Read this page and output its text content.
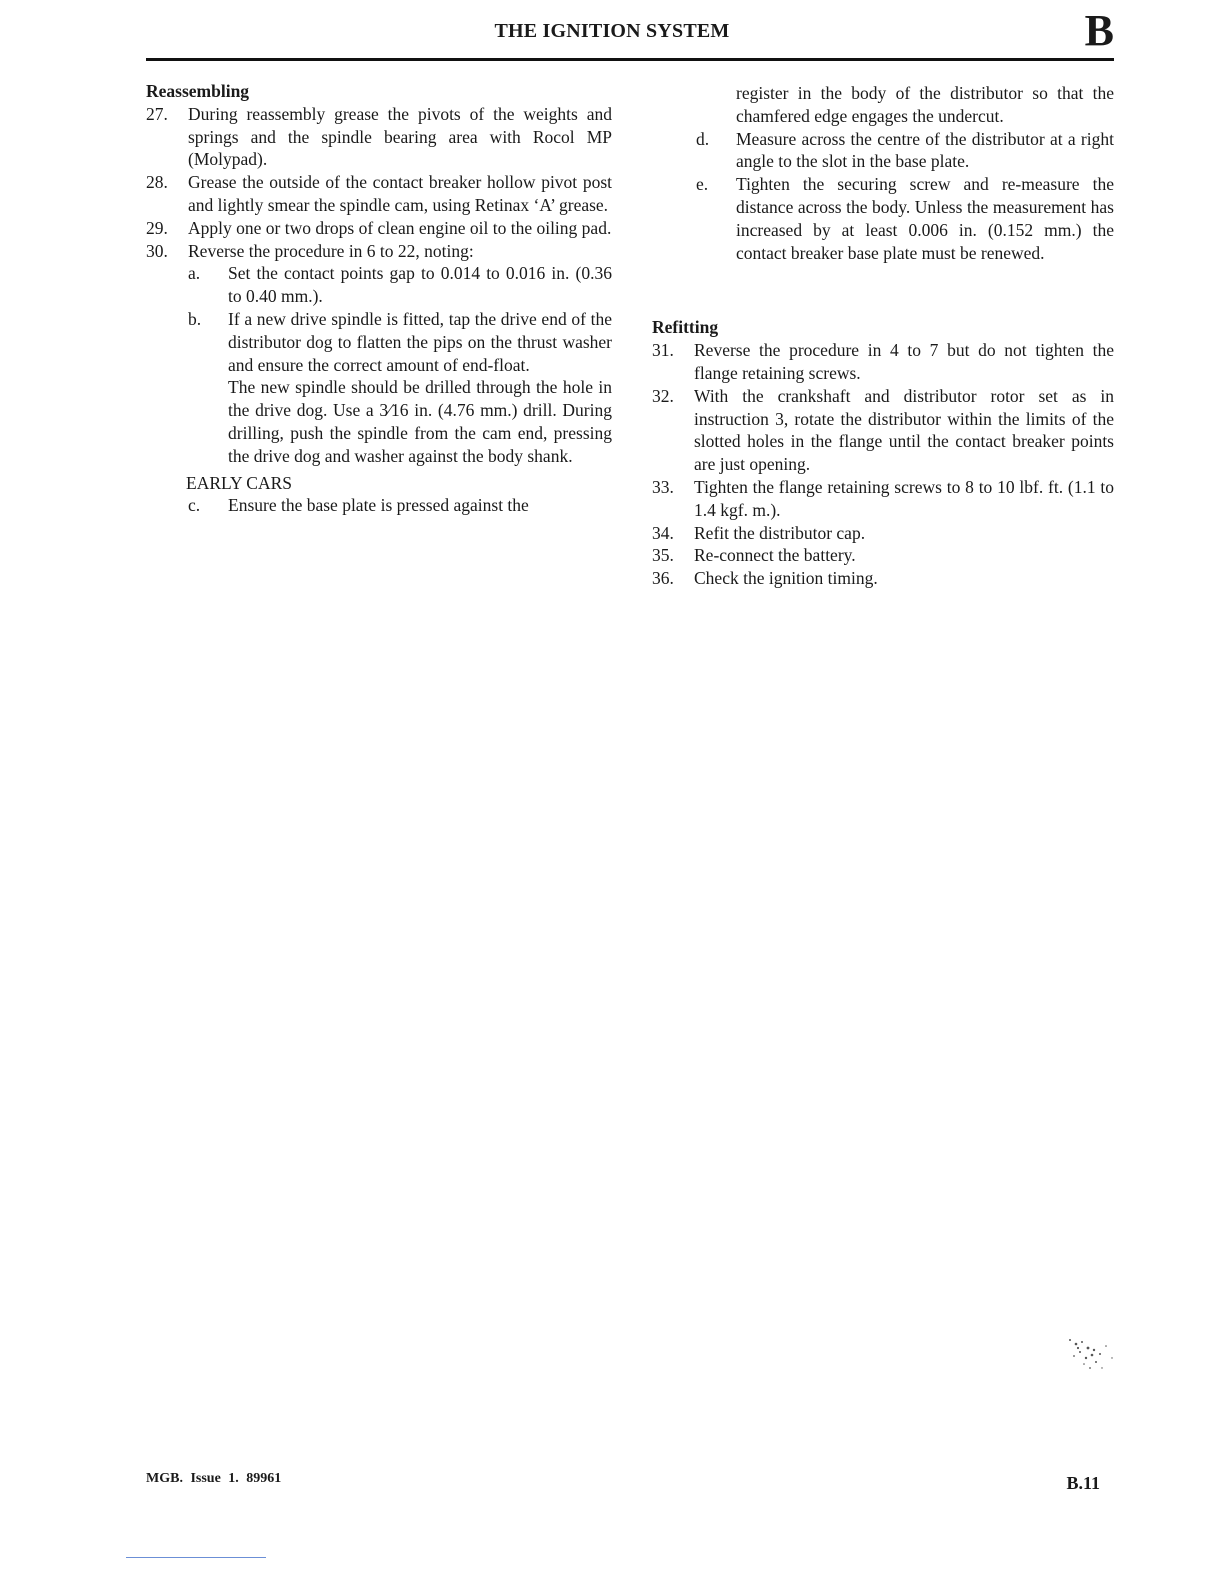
THE IGNITION SYSTEM	B
Reassembling
27. During reassembly grease the pivots of the weights and springs and the spindle bearing area with Rocol MP (Molypad).
28. Grease the outside of the contact breaker hollow pivot post and lightly smear the spindle cam, using Retinax ‘A’ grease.
29. Apply one or two drops of clean engine oil to the oiling pad.
30. Reverse the procedure in 6 to 22, noting:
a. Set the contact points gap to 0.014 to 0.016 in. (0.36 to 0.40 mm.).
b. If a new drive spindle is fitted, tap the drive end of the distributor dog to flatten the pips on the thrust washer and ensure the correct amount of end-float.
The new spindle should be drilled through the hole in the drive dog. Use a 3⁄16 in. (4.76 mm.) drill. During drilling, push the spindle from the cam end, pressing the drive dog and washer against the body shank.
EARLY CARS
c. Ensure the base plate is pressed against the
register in the body of the distributor so that the chamfered edge engages the undercut.
d. Measure across the centre of the distributor at a right angle to the slot in the base plate.
e. Tighten the securing screw and re-measure the distance across the body. Unless the measurement has increased by at least 0.006 in. (0.152 mm.) the contact breaker base plate must be renewed.
Refitting
31. Reverse the procedure in 4 to 7 but do not tighten the flange retaining screws.
32. With the crankshaft and distributor rotor set as in instruction 3, rotate the distributor within the limits of the slotted holes in the flange until the contact breaker points are just opening.
33. Tighten the flange retaining screws to 8 to 10 lbf. ft. (1.1 to 1.4 kgf. m.).
34. Refit the distributor cap.
35. Re-connect the battery.
36. Check the ignition timing.
MGB. Issue 1. 89961	B.11
